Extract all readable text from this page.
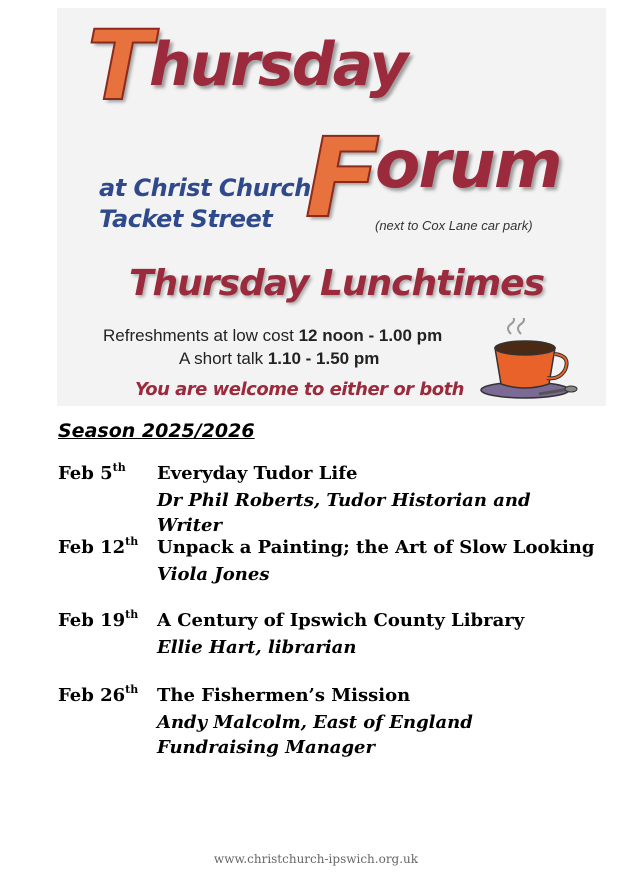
T
hursday
F
orum
at Christ Church
Tacket Street	(next to Cox Lane car park)
Thursday Lunchtimes
Refreshments at low cost 12 noon - 1.00 pm
A short talk 1.10 - 1.50 pm
You are welcome to either or both
Season 2025/2026
Feb 5th Everyday Tudor Life
Dr Phil Roberts, Tudor Historian and Writer
Feb 12th Unpack a Painting; the Art of Slow Looking
Viola Jones
Feb 19th A Century of Ipswich County Library
Ellie Hart, librarian
Feb 26th The Fishermen’s Mission
Andy Malcolm, East of England Fundraising Manager
www.christchurch-ipswich.org.uk
